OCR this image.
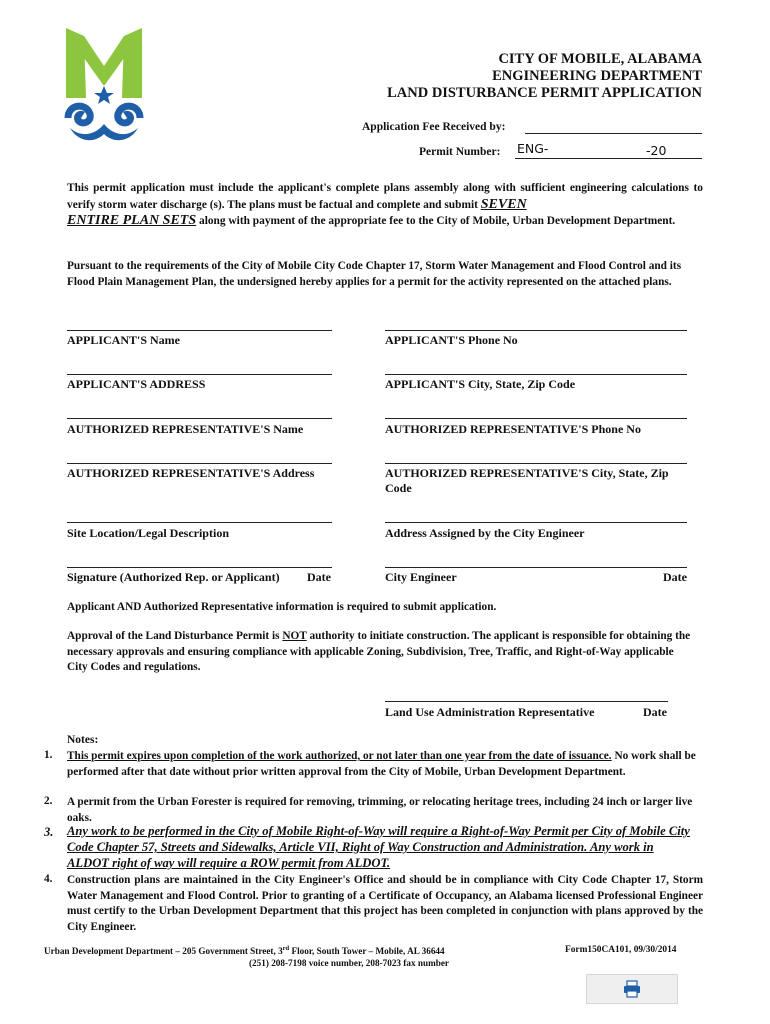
CITY OF MOBILE, ALABAMA
ENGINEERING DEPARTMENT
LAND DISTURBANCE PERMIT APPLICATION
Application Fee Received by:
Permit Number: ENG-	-20
This permit application must include the applicant's complete plans assembly along with sufficient engineering calculations to verify storm water discharge (s). The plans must be factual and complete and submit SEVEN
ENTIRE PLAN SETS along with payment of the appropriate fee to the City of Mobile, Urban Development Department.
Pursuant to the requirements of the City of Mobile City Code Chapter 17, Storm Water Management and Flood Control and its Flood Plain Management Plan, the undersigned hereby applies for a permit for the activity represented on the attached plans.
APPLICANT'S Name	APPLICANT'S Phone No
APPLICANT'S ADDRESS	APPLICANT'S City, State, Zip Code
AUTHORIZED REPRESENTATIVE'S Name	AUTHORIZED REPRESENTATIVE'S Phone No
AUTHORIZED REPRESENTATIVE'S Address	AUTHORIZED REPRESENTATIVE'S City, State, Zip Code
Site Location/Legal Description	Address Assigned by the City Engineer
Signature (Authorized Rep. or Applicant) Date	City Engineer	Date
Applicant AND Authorized Representative information is required to submit application.
Approval of the Land Disturbance Permit is NOT authority to initiate construction. The applicant is responsible for obtaining the necessary approvals and ensuring compliance with applicable Zoning, Subdivision, Tree, Traffic, and Right-of-Way applicable City Codes and regulations.
Land Use Administration Representative	Date
Notes:
1.	This permit expires upon completion of the work authorized, or not later than one year from the date of issuance. No work shall be performed after that date without prior written approval from the City of Mobile, Urban Development Department.
2.	A permit from the Urban Forester is required for removing, trimming, or relocating heritage trees, including 24 inch or larger live oaks.
3.	Any work to be performed in the City of Mobile Right-of-Way will require a Right-of-Way Permit per City of Mobile City Code Chapter 57, Streets and Sidewalks, Article VII, Right of Way Construction and Administration. Any work in ALDOT right of way will require a ROW permit from ALDOT.
4.	Construction plans are maintained in the City Engineer's Office and should be in compliance with City Code Chapter 17, Storm Water Management and Flood Control. Prior to granting of a Certificate of Occupancy, an Alabama licensed Professional Engineer must certify to the Urban Development Department that this project has been completed in conjunction with plans approved by the City Engineer.
Urban Development Department – 205 Government Street, 3rd Floor, South Tower – Mobile, AL 36644
(251) 208-7198 voice number, 208-7023 fax number
Form150CA101, 09/30/2014
